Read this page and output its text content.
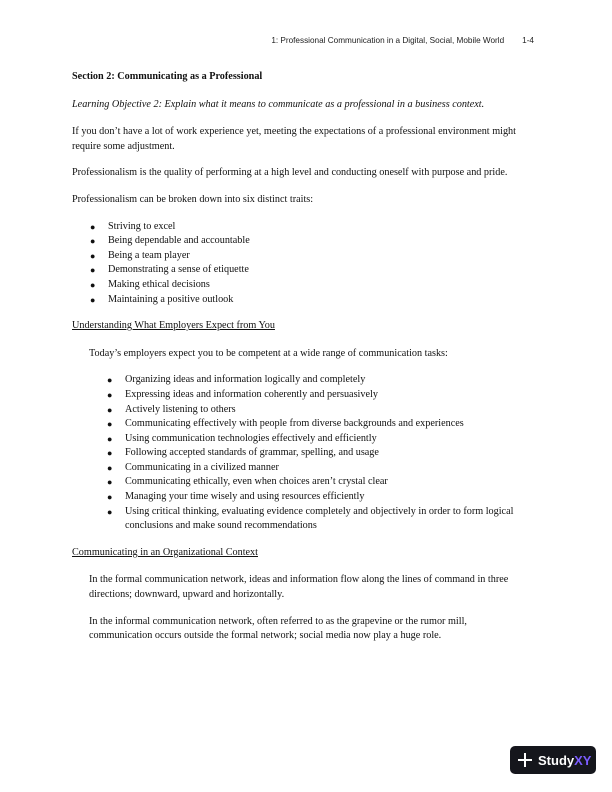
1: Professional Communication in a Digital, Social, Mobile World 1-4

Section 2: Communicating as a Professional

Learning Objective 2: Explain what it means to communicate as a professional in a business context.

If you don’t have a lot of work experience yet, meeting the expectations of a professional environment might require some adjustment.

Professionalism is the quality of performing at a high level and conducting oneself with purpose and pride.

Professionalism can be broken down into six distinct traits:

● Striving to excel
● Being dependable and accountable
● Being a team player
● Demonstrating a sense of etiquette
● Making ethical decisions
● Maintaining a positive outlook

Understanding What Employers Expect from You

Today’s employers expect you to be competent at a wide range of communication tasks:

● Organizing ideas and information logically and completely
● Expressing ideas and information coherently and persuasively
● Actively listening to others
● Communicating effectively with people from diverse backgrounds and experiences
● Using communication technologies effectively and efficiently
● Following accepted standards of grammar, spelling, and usage
● Communicating in a civilized manner
● Communicating ethically, even when choices aren’t crystal clear
● Managing your time wisely and using resources efficiently
● Using critical thinking, evaluating evidence completely and objectively in order to form logical conclusions and make sound recommendations

Communicating in an Organizational Context

In the formal communication network, ideas and information flow along the lines of command in three directions; downward, upward and horizontally.

In the informal communication network, often referred to as the grapevine or the rumor mill, communication occurs outside the formal network; social media now play a huge role.

Study XY
